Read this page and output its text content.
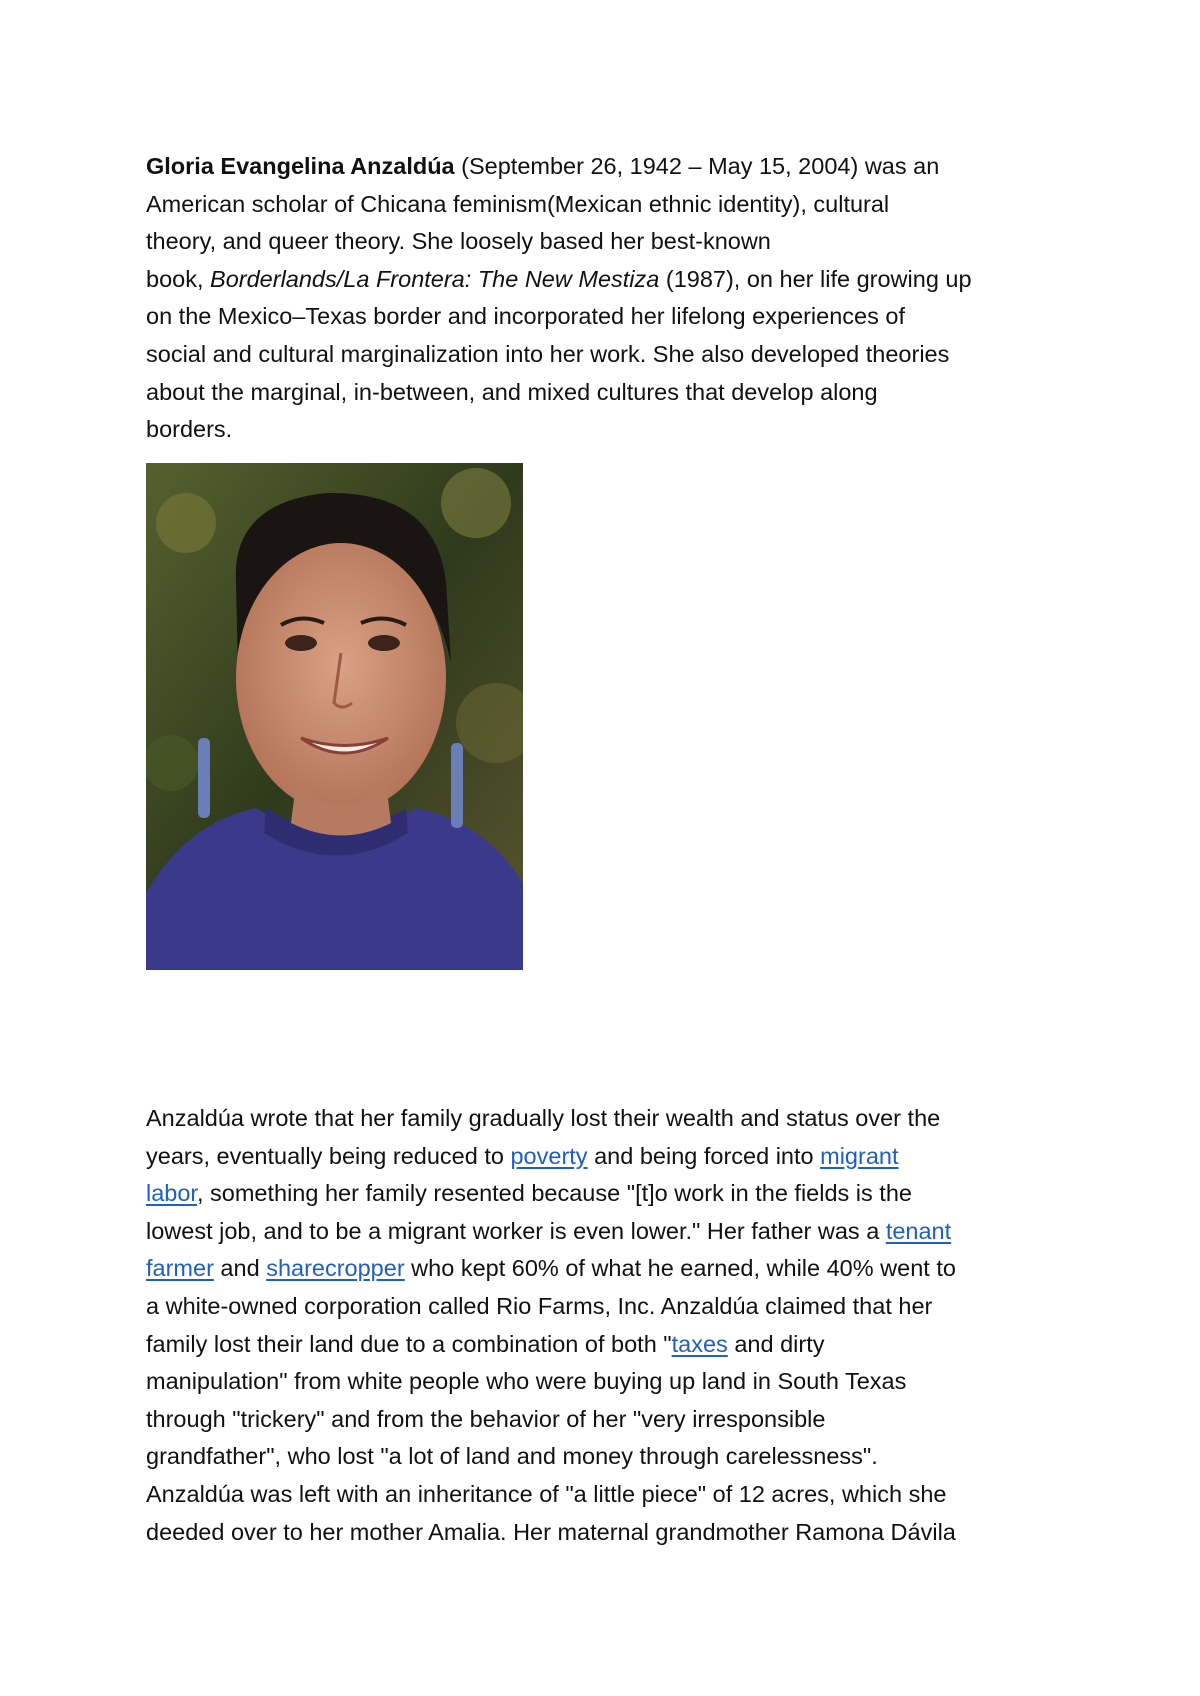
Gloria Evangelina Anzaldúa (September 26, 1942 – May 15, 2004) was an
American scholar of Chicana feminism(Mexican ethnic identity), cultural
theory, and queer theory. She loosely based her best-known
book, Borderlands/La Frontera: The New Mestiza (1987), on her life growing up
on the Mexico–Texas border and incorporated her lifelong experiences of
social and cultural marginalization into her work. She also developed theories
about the marginal, in-between, and mixed cultures that develop along
borders.

Anzaldúa wrote that her family gradually lost their wealth and status over the
years, eventually being reduced to poverty and being forced into migrant
labor, something her family resented because "[t]o work in the fields is the
lowest job, and to be a migrant worker is even lower." Her father was a tenant
farmer and sharecropper who kept 60% of what he earned, while 40% went to
a white-owned corporation called Rio Farms, Inc. Anzaldúa claimed that her
family lost their land due to a combination of both "taxes and dirty
manipulation" from white people who were buying up land in South Texas
through "trickery" and from the behavior of her "very irresponsible
grandfather", who lost "a lot of land and money through carelessness".
Anzaldúa was left with an inheritance of "a little piece" of 12 acres, which she
deeded over to her mother Amalia. Her maternal grandmother Ramona Dávila
